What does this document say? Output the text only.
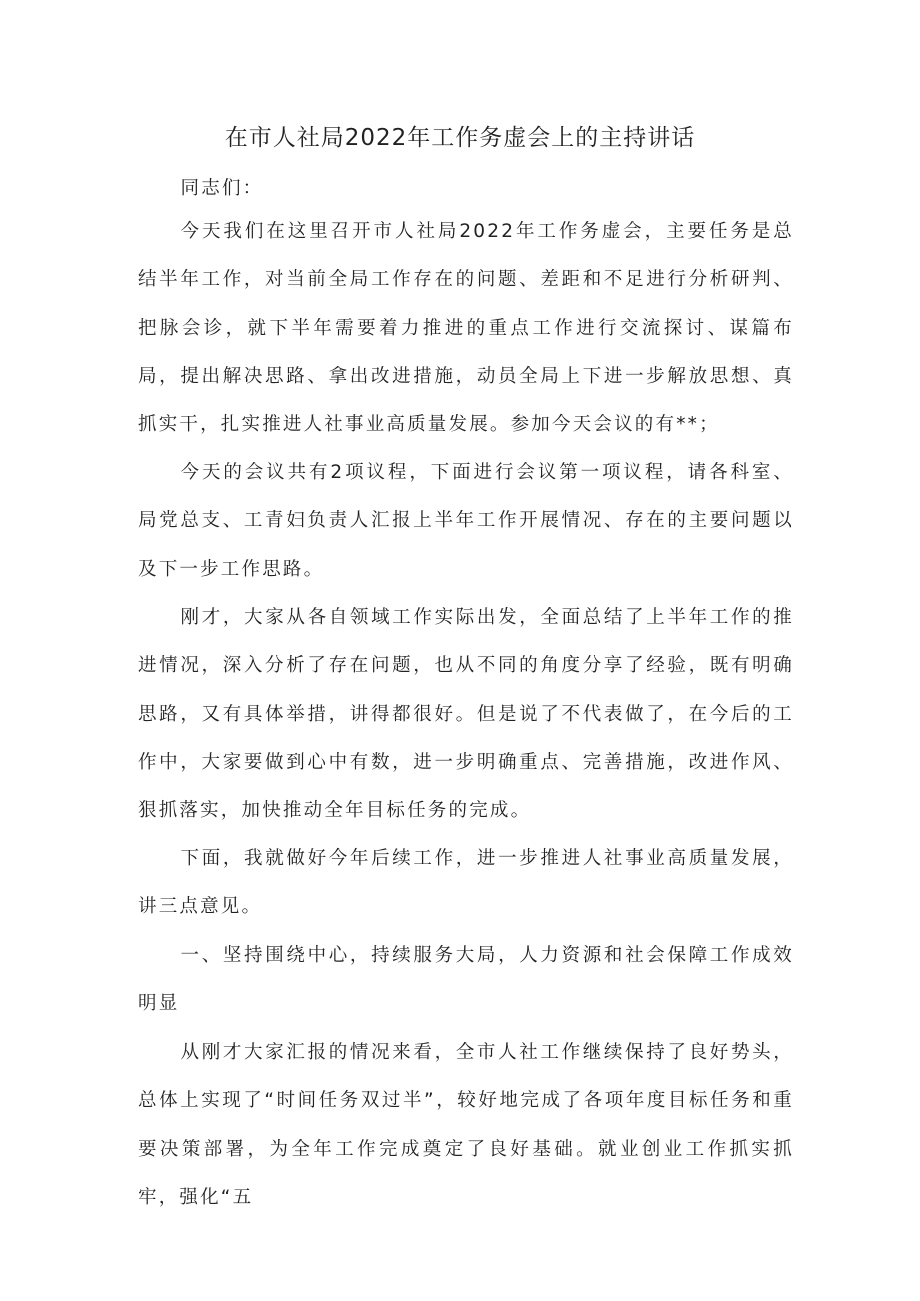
在市人社局2022年工作务虚会上的主持讲话

同志们：

今天我们在这里召开市人社局2022年工作务虚会，主要任务是总结半年工作，对当前全局工作存在的问题、差距和不足进行分析研判、把脉会诊，就下半年需要着力推进的重点工作进行交流探讨、谋篇布局，提出解决思路、拿出改进措施，动员全局上下进一步解放思想、真抓实干，扎实推进人社事业高质量发展。参加今天会议的有**；

今天的会议共有2项议程，下面进行会议第一项议程，请各科室、局党总支、工青妇负责人汇报上半年工作开展情况、存在的主要问题以及下一步工作思路。

刚才，大家从各自领域工作实际出发，全面总结了上半年工作的推进情况，深入分析了存在问题，也从不同的角度分享了经验，既有明确思路，又有具体举措，讲得都很好。但是说了不代表做了，在今后的工作中，大家要做到心中有数，进一步明确重点、完善措施，改进作风、狠抓落实，加快推动全年目标任务的完成。

下面，我就做好今年后续工作，进一步推进人社事业高质量发展，讲三点意见。

一、坚持围绕中心，持续服务大局，人力资源和社会保障工作成效明显

从刚才大家汇报的情况来看，全市人社工作继续保持了良好势头，总体上实现了“时间任务双过半”，较好地完成了各项年度目标任务和重要决策部署，为全年工作完成奠定了良好基础。就业创业工作抓实抓牢，强化“五
